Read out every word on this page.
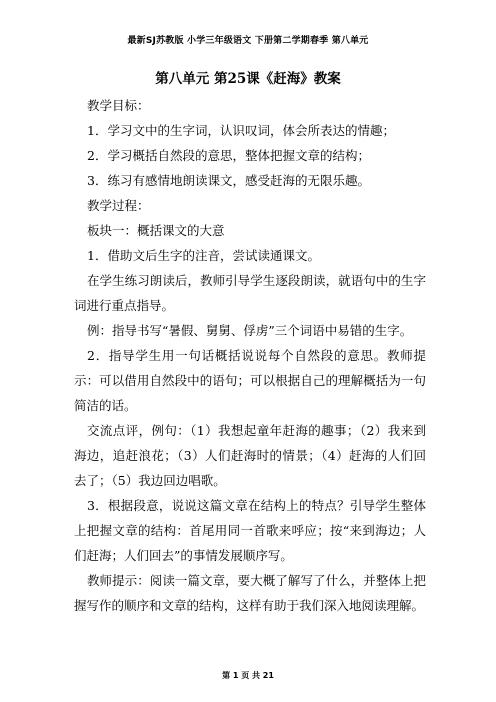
最新SJ苏教版 小学三年级语文 下册第二学期春季 第八单元
第八单元 第25课《赶海》教案

教学目标：

1．学习文中的生字词，认识叹词，体会所表达的情趣；

2．学习概括自然段的意思，整体把握文章的结构；

3．练习有感情地朗读课文，感受赶海的无限乐趣。

教学过程：

板块一：概括课文的大意

1．借助文后生字的注音，尝试读通课文。

在学生练习朗读后，教师引导学生逐段朗读，就语句中的生字词进行重点指导。

例：指导书写“暑假、舅舅、俘虏”三个词语中易错的生字。

2．指导学生用一句话概括说说每个自然段的意思。教师提示：可以借用自然段中的语句；可以根据自己的理解概括为一句简洁的话。

交流点评，例句：（1）我想起童年赶海的趣事；（2）我来到海边，追赶浪花；（3）人们赶海时的情景；（4）赶海的人们回去了；（5）我边回边唱歌。

3．根据段意，说说这篇文章在结构上的特点？引导学生整体上把握文章的结构：首尾用同一首歌来呼应；按“来到海边；人们赶海；人们回去”的事情发展顺序写。

教师提示：阅读一篇文章，要大概了解写了什么，并整体上把握写作的顺序和文章的结构，这样有助于我们深入地阅读理解。

第 1 页 共 21
